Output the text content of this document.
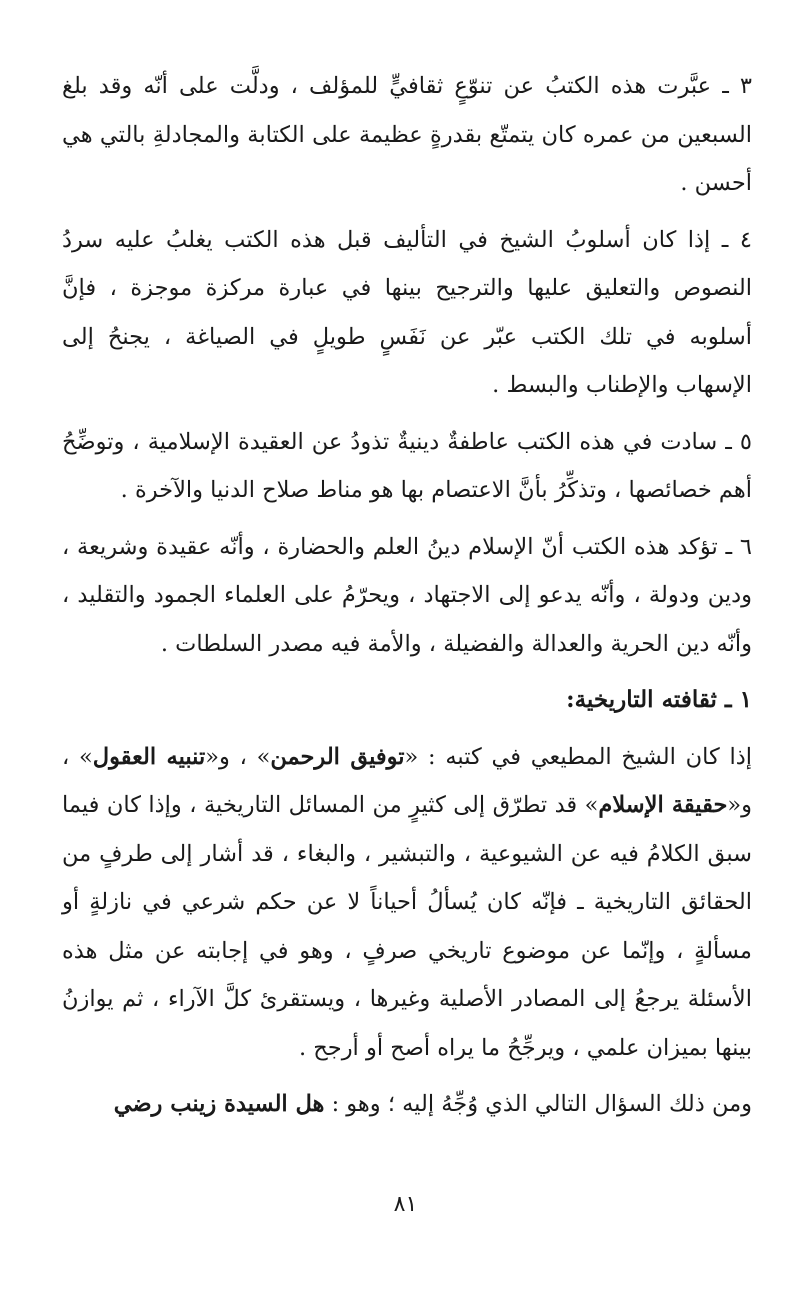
٣ ـ عبَّرت هذه الكتبُ عن تنوّعٍ ثقافيٍّ للمؤلف ، ودلَّت على أنّه وقد بلغ السبعين من عمره كان يتمتّع بقدرةٍ عظيمة على الكتابة والمجادلةِ بالتي هي أحسن .

٤ ـ إذا كان أسلوبُ الشيخ في التأليف قبل هذه الكتب يغلبُ عليه سردُ النصوص والتعليق عليها والترجيح بينها في عبارة مركزة موجزة ، فإنَّ أسلوبه في تلك الكتب عبّر عن نَفَسٍ طويلٍ في الصياغة ، يجنحُ إلى الإسهاب والإطناب والبسط .

٥ ـ سادت في هذه الكتب عاطفةٌ دينيةٌ تذودُ عن العقيدة الإسلامية ، وتوضِّحُ أهم خصائصها ، وتذكِّرُ بأنَّ الاعتصام بها هو مناط صلاح الدنيا والآخرة .

٦ ـ تؤكد هذه الكتب أنّ الإسلام دينُ العلم والحضارة ، وأنّه عقيدة وشريعة ، ودين ودولة ، وأنّه يدعو إلى الاجتهاد ، ويحرّمُ على العلماء الجمود والتقليد ، وأنّه دين الحرية والعدالة والفضيلة ، والأمة فيه مصدر السلطات .

١ ـ ثقافته التاريخية:

إذا كان الشيخ المطيعي في كتبه : «توفيق الرحمن» ، و«تنبيه العقول» ، و«حقيقة الإسلام» قد تطرّق إلى كثيرٍ من المسائل التاريخية ، وإذا كان فيما سبق الكلامُ فيه عن الشيوعية ، والتبشير ، والبغاء ، قد أشار إلى طرفٍ من الحقائق التاريخية ـ فإنّه كان يُسألُ أحياناً لا عن حكم شرعي في نازلةٍ أو مسألةٍ ، وإنّما عن موضوع تاريخي صرفٍ ، وهو في إجابته عن مثل هذه الأسئلة يرجعُ إلى المصادر الأصلية وغيرها ، ويستقرئ كلَّ الآراء ، ثم يوازنُ بينها بميزان علمي ، ويرجِّحُ ما يراه أصح أو أرجح .

ومن ذلك السؤال التالي الذي وُجِّهُ إليه ؛ وهو : هل السيدة زينب رضي

٨١
